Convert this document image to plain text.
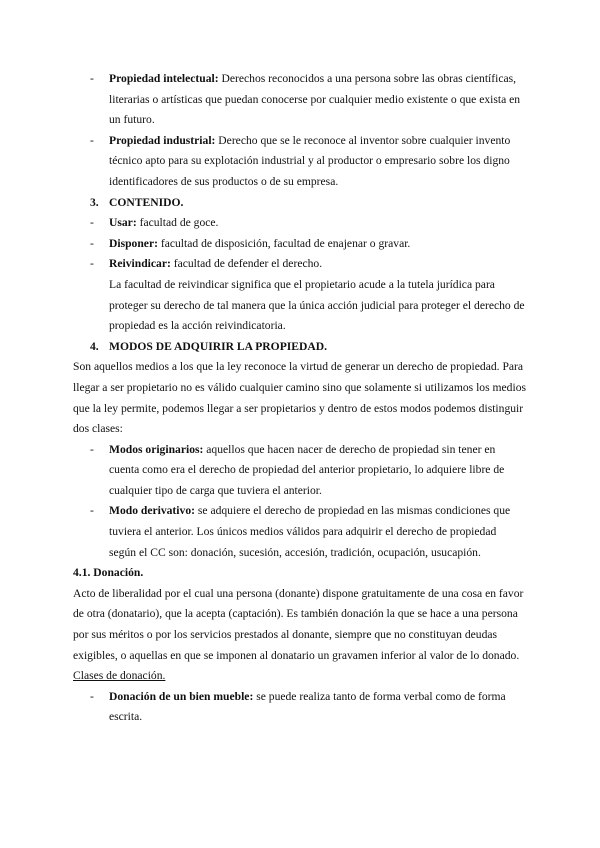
- Propiedad intelectual: Derechos reconocidos a una persona sobre las obras científicas, literarias o artísticas que puedan conocerse por cualquier medio existente o que exista en un futuro.
- Propiedad industrial: Derecho que se le reconoce al inventor sobre cualquier invento técnico apto para su explotación industrial y al productor o empresario sobre los digno identificadores de sus productos o de su empresa.
3. CONTENIDO.
- Usar: facultad de goce.
- Disponer: facultad de disposición, facultad de enajenar o gravar.
- Reivindicar: facultad de defender el derecho.
La facultad de reivindicar significa que el propietario acude a la tutela jurídica para proteger su derecho de tal manera que la única acción judicial para proteger el derecho de propiedad es la acción reivindicatoria.
4. MODOS DE ADQUIRIR LA PROPIEDAD.
Son aquellos medios a los que la ley reconoce la virtud de generar un derecho de propiedad. Para llegar a ser propietario no es válido cualquier camino sino que solamente si utilizamos los medios que la ley permite, podemos llegar a ser propietarios y dentro de estos modos podemos distinguir dos clases:
- Modos originarios: aquellos que hacen nacer de derecho de propiedad sin tener en cuenta como era el derecho de propiedad del anterior propietario, lo adquiere libre de cualquier tipo de carga que tuviera el anterior.
- Modo derivativo: se adquiere el derecho de propiedad en las mismas condiciones que tuviera el anterior. Los únicos medios válidos para adquirir el derecho de propiedad según el CC son: donación, sucesión, accesión, tradición, ocupación, usucapión.
4.1. Donación.
Acto de liberalidad por el cual una persona (donante) dispone gratuitamente de una cosa en favor de otra (donatario), que la acepta (captación). Es también donación la que se hace a una persona por sus méritos o por los servicios prestados al donante, siempre que no constituyan deudas exigibles, o aquellas en que se imponen al donatario un gravamen inferior al valor de lo donado.
Clases de donación.
- Donación de un bien mueble: se puede realiza tanto de forma verbal como de forma escrita.
